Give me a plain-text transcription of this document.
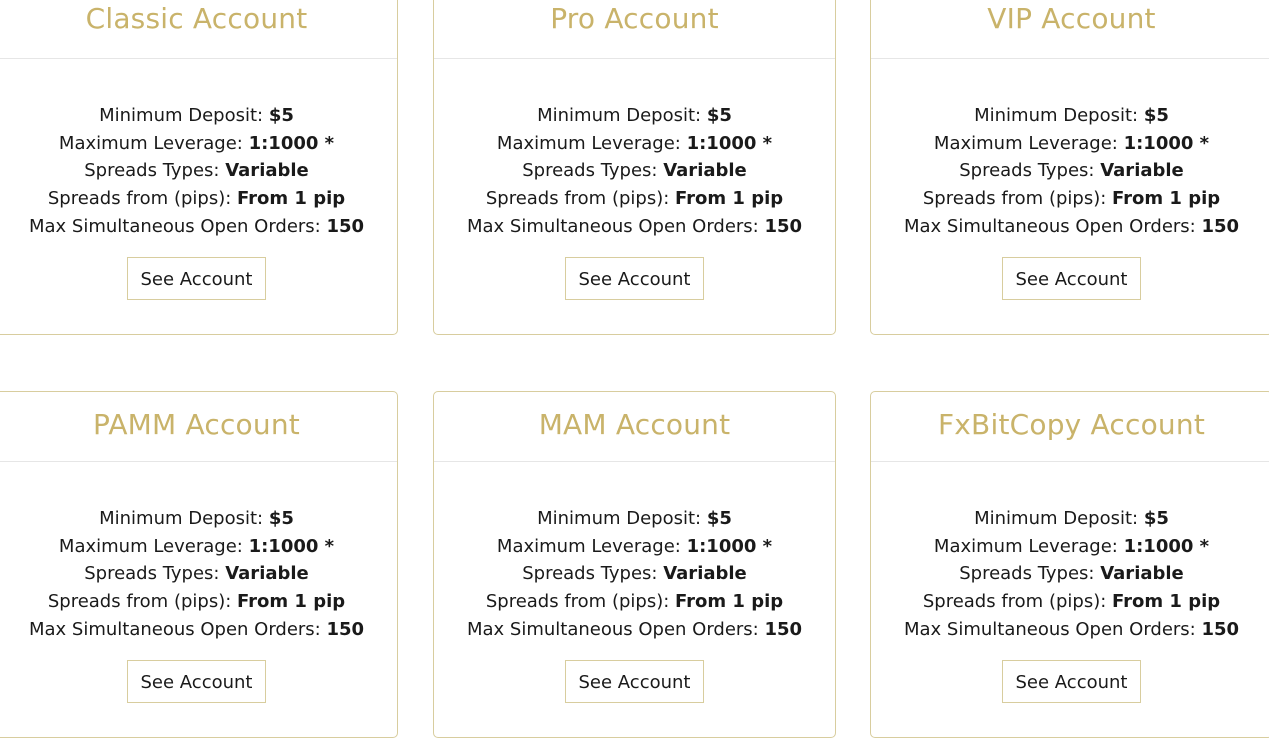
Classic Account
Minimum Deposit: $5
Maximum Leverage: 1:1000 *
Spreads Types: Variable
Spreads from (pips): From 1 pip
Max Simultaneous Open Orders: 150
See Account
Pro Account
Minimum Deposit: $5
Maximum Leverage: 1:1000 *
Spreads Types: Variable
Spreads from (pips): From 1 pip
Max Simultaneous Open Orders: 150
See Account
VIP Account
Minimum Deposit: $5
Maximum Leverage: 1:1000 *
Spreads Types: Variable
Spreads from (pips): From 1 pip
Max Simultaneous Open Orders: 150
See Account
PAMM Account
Minimum Deposit: $5
Maximum Leverage: 1:1000 *
Spreads Types: Variable
Spreads from (pips): From 1 pip
Max Simultaneous Open Orders: 150
See Account
MAM Account
Minimum Deposit: $5
Maximum Leverage: 1:1000 *
Spreads Types: Variable
Spreads from (pips): From 1 pip
Max Simultaneous Open Orders: 150
See Account
FxBitCopy Account
Minimum Deposit: $5
Maximum Leverage: 1:1000 *
Spreads Types: Variable
Spreads from (pips): From 1 pip
Max Simultaneous Open Orders: 150
See Account
